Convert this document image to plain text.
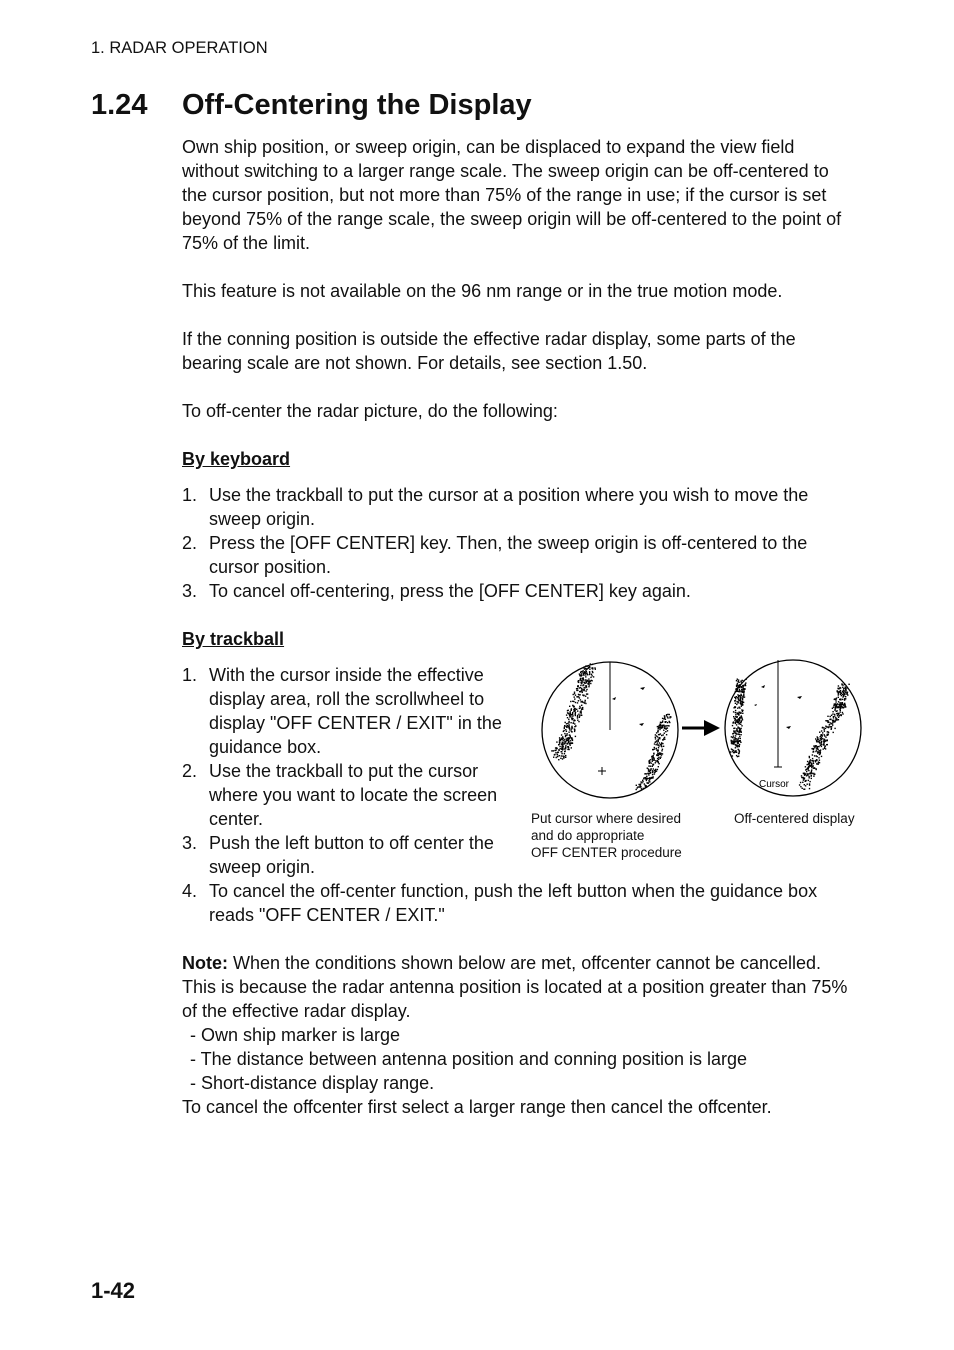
1. RADAR OPERATION
1.24 Off-Centering the Display

Own ship position, or sweep origin, can be displaced to expand the view field without switching to a larger range scale. The sweep origin can be off-centered to the cursor position, but not more than 75% of the range in use; if the cursor is set beyond 75% of the range scale, the sweep origin will be off-centered to the point of 75% of the limit.

This feature is not available on the 96 nm range or in the true motion mode.

If the conning position is outside the effective radar display, some parts of the bearing scale are not shown. For details, see section 1.50.

To off-center the radar picture, do the following:

By keyboard

1. Use the trackball to put the cursor at a position where you wish to move the sweep origin.
2. Press the [OFF CENTER] key. Then, the sweep origin is off-centered to the cursor position.
3. To cancel off-centering, press the [OFF CENTER] key again.

By trackball

1. With the cursor inside the effective display area, roll the scrollwheel to display "OFF CENTER / EXIT" in the guidance box.
2. Use the trackball to put the cursor where you want to locate the screen center.
3. Push the left button to off center the sweep origin.
4. To cancel the off-center function, push the left button when the guidance box reads "OFF CENTER / EXIT."

Note: When the conditions shown below are met, offcenter cannot be cancelled. This is because the radar antenna position is located at a position greater than 75% of the effective radar display.

- Own ship marker is large

- The distance between antenna position and conning position is large

- Short-distance display range.

To cancel the offcenter first select a larger range then cancel the offcenter.

Cursor
Put cursor where desired
and do appropriate
OFF CENTER procedure
Off-centered display
1-42
